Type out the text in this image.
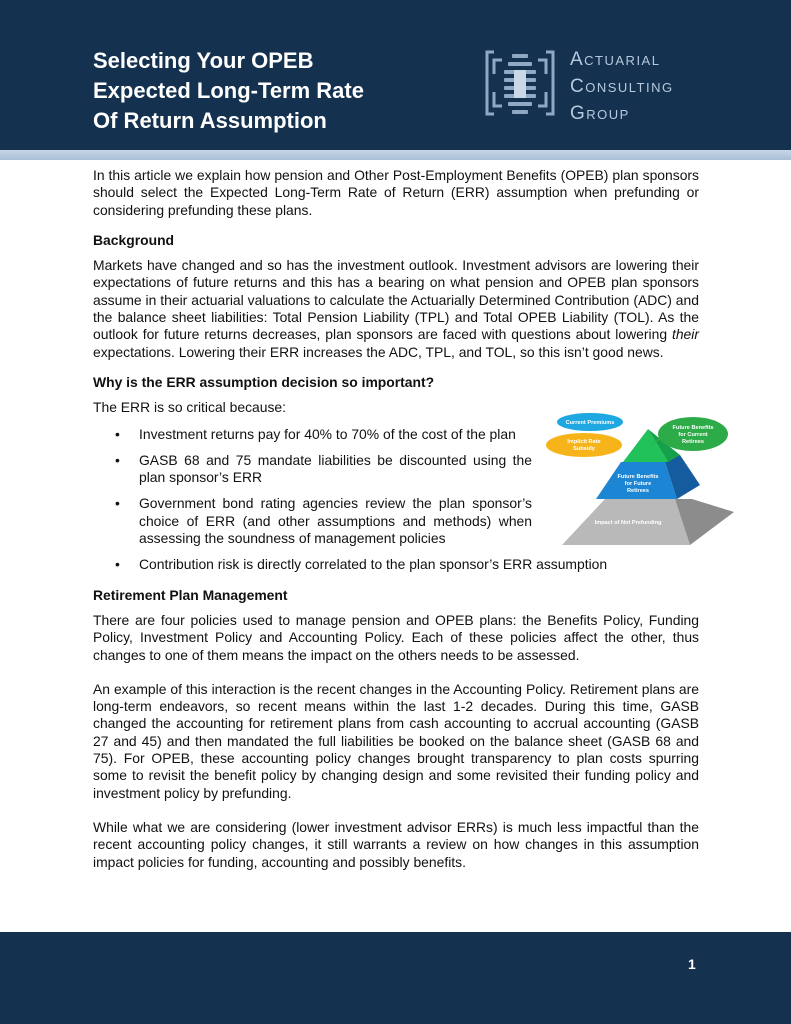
Selecting Your OPEB
Expected Long-Term Rate
Of Return Assumption
Actuarial
Consulting
Group

In this article we explain how pension and Other Post-Employment Benefits (OPEB) plan sponsors should select the Expected Long-Term Rate of Return (ERR) assumption when prefunding or considering prefunding these plans.

Background

Markets have changed and so has the investment outlook. Investment advisors are lowering their expectations of future returns and this has a bearing on what pension and OPEB plan sponsors assume in their actuarial valuations to calculate the Actuarially Determined Contribution (ADC) and the balance sheet liabilities: Total Pension Liability (TPL) and Total OPEB Liability (TOL). As the outlook for future returns decreases, plan sponsors are faced with questions about lowering their expectations. Lowering their ERR increases the ADC, TPL, and TOL, so this isn’t good news.

Why is the ERR assumption decision so important?

The ERR is so critical because:

• Investment returns pay for 40% to 70% of the cost of the plan
• GASB 68 and 75 mandate liabilities be discounted using the plan sponsor’s ERR
• Government bond rating agencies review the plan sponsor’s choice of ERR (and other assumptions and methods) when assessing the soundness of management policies
• Contribution risk is directly correlated to the plan sponsor’s ERR assumption
Retirement Plan Management

There are four policies used to manage pension and OPEB plans: the Benefits Policy, Funding Policy, Investment Policy and Accounting Policy. Each of these policies affect the other, thus changes to one of them means the impact on the others needs to be assessed.

An example of this interaction is the recent changes in the Accounting Policy. Retirement plans are long-term endeavors, so recent means within the last 1-2 decades. During this time, GASB changed the accounting for retirement plans from cash accounting to accrual accounting (GASB 27 and 45) and then mandated the full liabilities be booked on the balance sheet (GASB 68 and 75). For OPEB, these accounting policy changes brought transparency to plan costs spurring some to revisit the benefit policy by changing design and some revisited their funding policy and investment policy by prefunding.

While what we are considering (lower investment advisor ERRs) is much less impactful than the recent accounting policy changes, it still warrants a review on how changes in this assumption impact policies for funding, accounting and possibly benefits.

Current Premiums
Implicit Rate
Subsidy
Future Benefits
for Current
Retirees
Future Benefits
for Future
Retirees
Impact of Not Prefunding
1
